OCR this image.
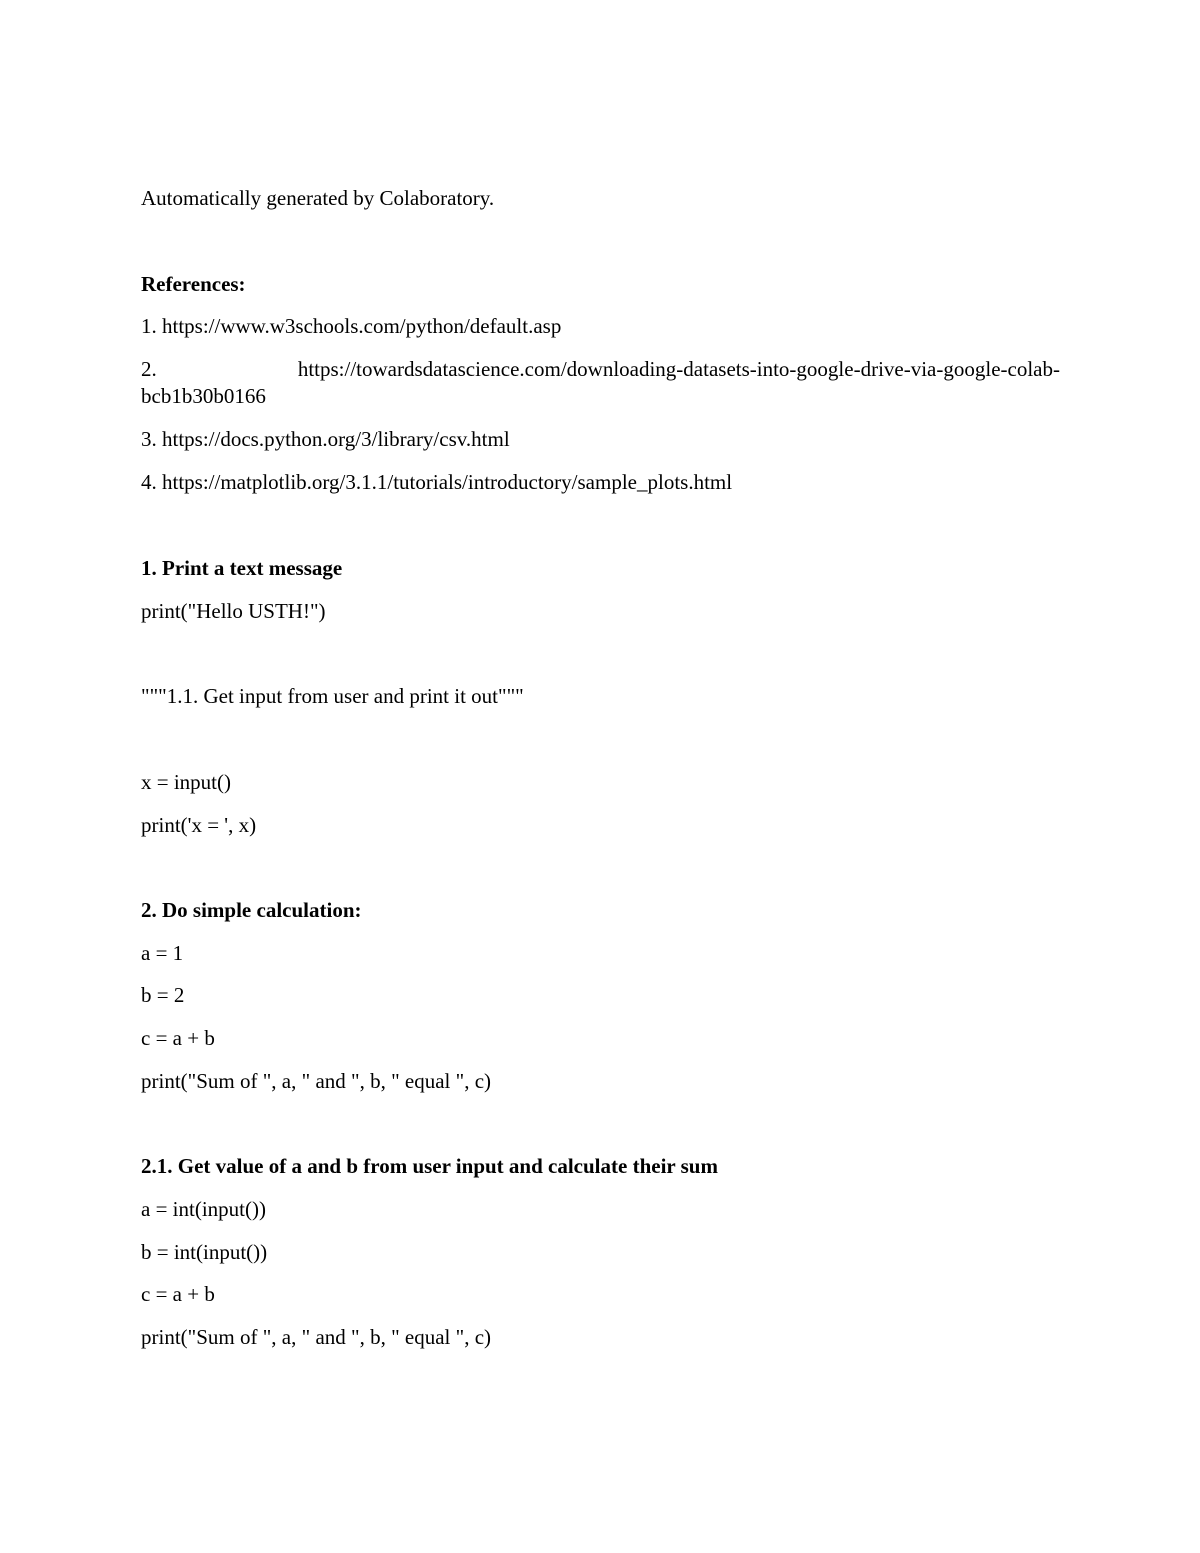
Automatically generated by Colaboratory.
References:
1. https://www.w3schools.com/python/default.asp
2.	https://towardsdatascience.com/downloading-datasets-into-google-drive-via-google-colab-
bcb1b30b0166
3. https://docs.python.org/3/library/csv.html
4. https://matplotlib.org/3.1.1/tutorials/introductory/sample_plots.html
1. Print a text message
print("Hello USTH!")
"""1.1. Get input from user and print it out"""
x = input()
print('x = ', x)
2. Do simple calculation:
a = 1
b = 2
c = a + b
print("Sum of ", a, " and ", b, " equal ", c)
2.1. Get value of a and b from user input and calculate their sum
a = int(input())
b = int(input())
c = a + b
print("Sum of ", a, " and ", b, " equal ", c)
